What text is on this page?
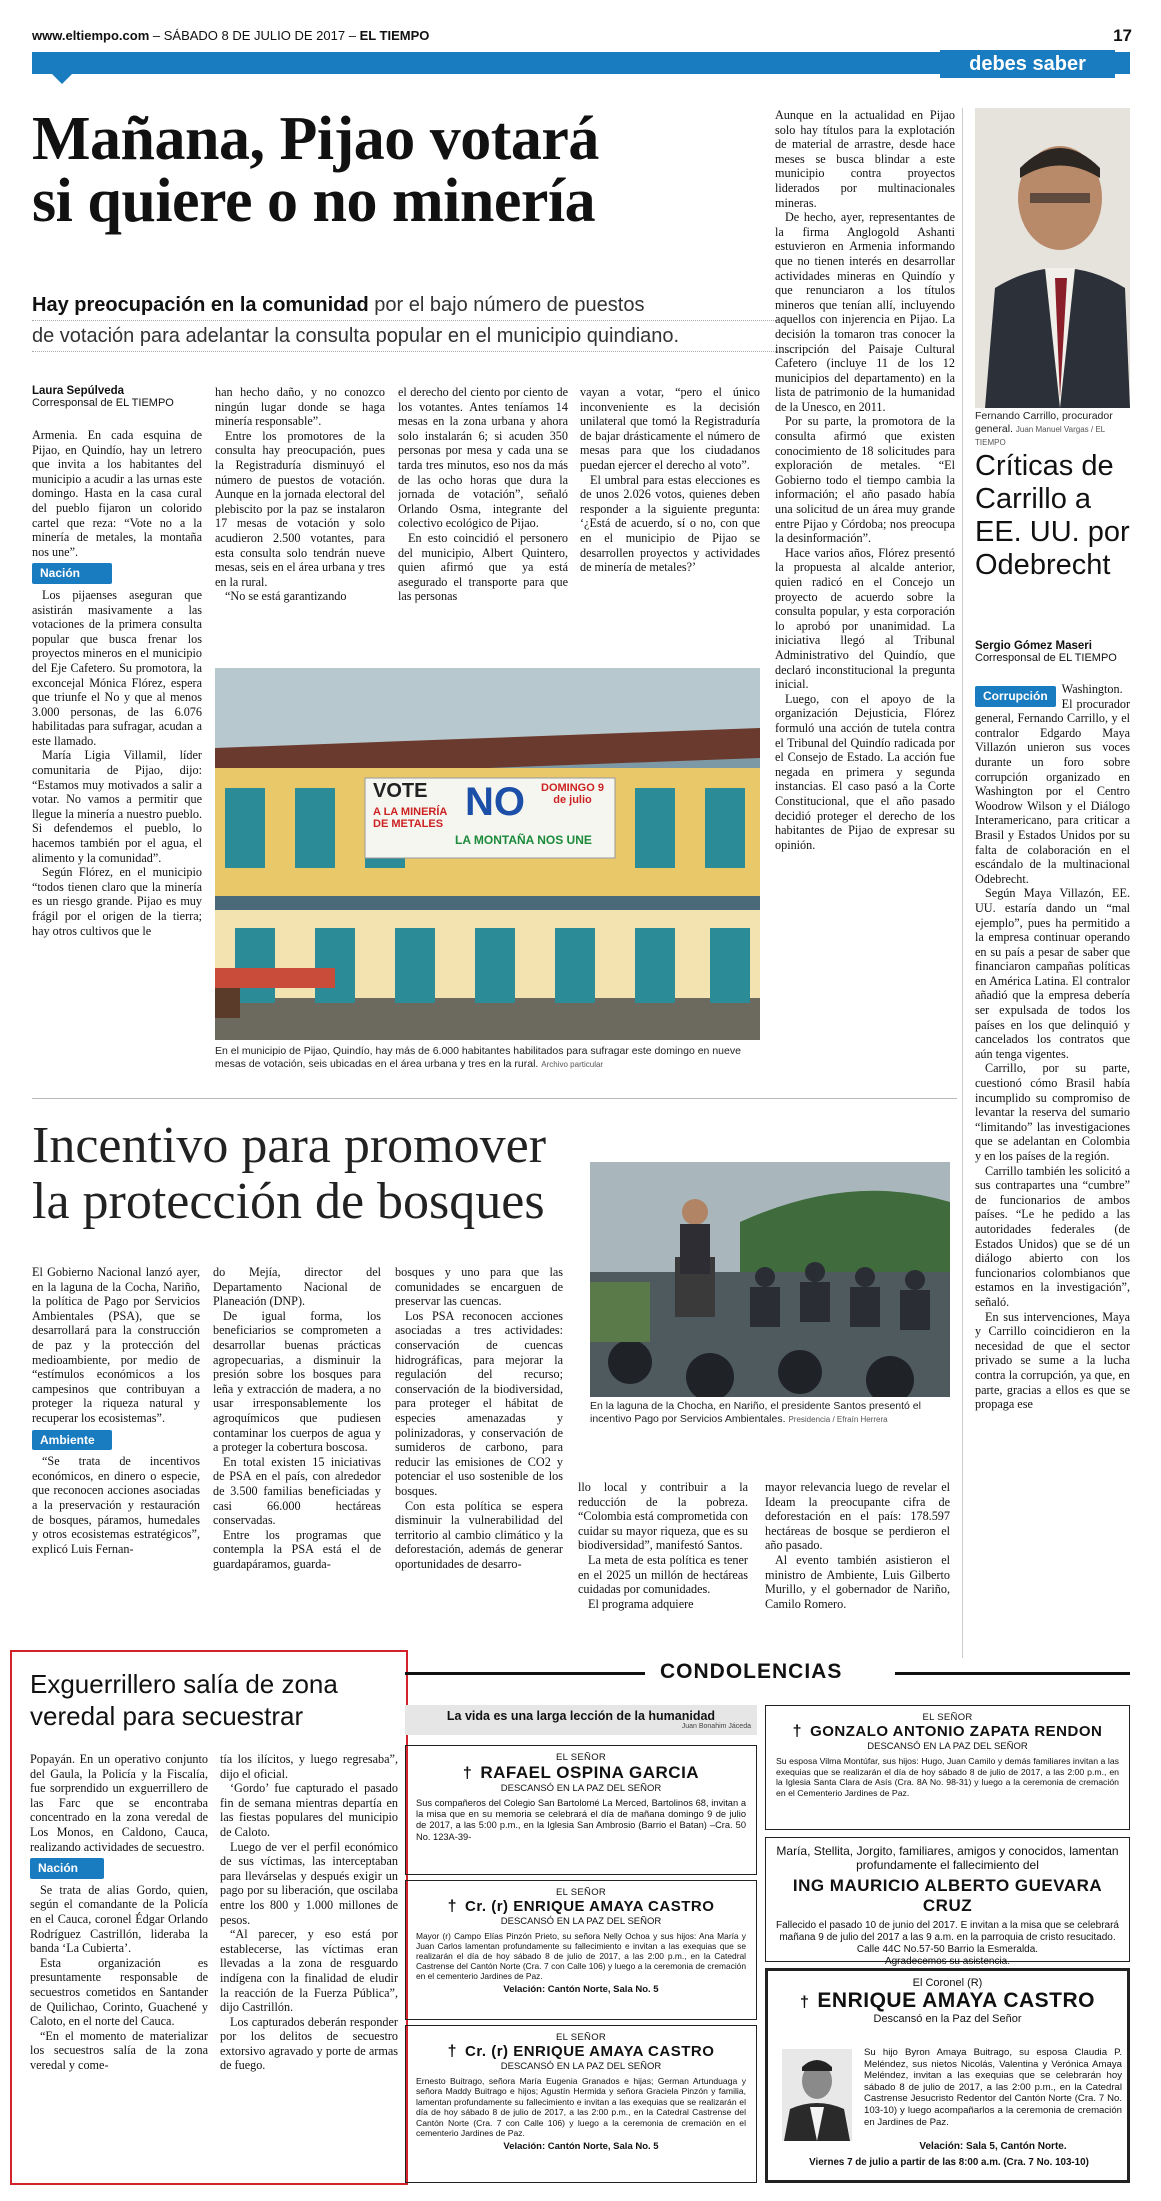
www.eltiempo.com – SÁBADO 8 DE JULIO DE 2017 – EL TIEMPO	17
debes saber
Mañana, Pijao votará
si quiere o no minería
Hay preocupación en la comunidad por el bajo número de puestos
de votación para adelantar la consulta popular en el municipio quindiano.
Laura Sepúlveda
Corresponsal de EL TIEMPO

Armenia. En cada esquina de Pijao, en Quindío, hay un letrero que invita a los habitantes del municipio a acudir a las urnas este domingo. Hasta en la casa cural del pueblo fijaron un colorido cartel que reza: “Vote no a la minería de metales, la montaña nos une”.

Nación

Los pijaenses aseguran que asistirán masivamente a las votaciones de la primera consulta popular que busca frenar los proyectos mineros en el municipio del Eje Cafetero. Su promotora, la exconcejal Mónica Flórez, espera que triunfe el No y que al menos 3.000 personas, de las 6.076 habilitadas para sufragar, acudan a este llamado.

María Ligia Villamil, líder comunitaria de Pijao, dijo: “Estamos muy motivados a salir a votar. No vamos a permitir que llegue la minería a nuestro pueblo. Si defendemos el pueblo, lo hacemos también por el agua, el alimento y la comunidad”.

Según Flórez, en el municipio “todos tienen claro que la minería es un riesgo grande. Pijao es muy frágil por el origen de la tierra; hay otros cultivos que le

han hecho daño, y no conozco ningún lugar donde se haga minería responsable”.

Entre los promotores de la consulta hay preocupación, pues la Registraduría disminuyó el número de puestos de votación. Aunque en la jornada electoral del plebiscito por la paz se instalaron 17 mesas de votación y solo acudieron 2.500 votantes, para esta consulta solo tendrán nueve mesas, seis en el área urbana y tres en la rural.

“No se está garantizando

el derecho del ciento por ciento de los votantes. Antes teníamos 14 mesas en la zona urbana y ahora solo instalarán 6; si acuden 350 personas por mesa y cada una se tarda tres minutos, eso nos da más de las ocho horas que dura la jornada de votación”, señaló Orlando Osma, integrante del colectivo ecológico de Pijao.

En esto coincidió el personero del municipio, Albert Quintero, quien afirmó que ya está asegurado el transporte para que las personas

vayan a votar, “pero el único inconveniente es la decisión unilateral que tomó la Registraduría de bajar drásticamente el número de mesas para que los ciudadanos puedan ejercer el derecho al voto”.

El umbral para estas elecciones es de unos 2.026 votos, quienes deben responder a la siguiente pregunta: ‘¿Está de acuerdo, sí o no, con que en el municipio de Pijao se desarrollen proyectos y actividades de minería de metales?’

Aunque en la actualidad en Pijao solo hay títulos para la explotación de material de arrastre, desde hace meses se busca blindar a este municipio contra proyectos liderados por multinacionales mineras.

De hecho, ayer, representantes de la firma Anglogold Ashanti estuvieron en Armenia informando que no tienen interés en desarrollar actividades mineras en Quindío y que renunciaron a los títulos mineros que tenían allí, incluyendo aquellos con injerencia en Pijao. La decisión la tomaron tras conocer la inscripción del Paisaje Cultural Cafetero (incluye 11 de los 12 municipios del departamento) en la lista de patrimonio de la humanidad de la Unesco, en 2011.

Por su parte, la promotora de la consulta afirmó que existen conocimiento de 18 solicitudes para exploración de metales. “El Gobierno todo el tiempo cambia la información; el año pasado había una solicitud de un área muy grande entre Pijao y Córdoba; nos preocupa la desinformación”.

Hace varios años, Flórez presentó la propuesta al alcalde anterior, quien radicó en el Concejo un proyecto de acuerdo sobre la consulta popular, y esta corporación lo aprobó por unanimidad. La iniciativa llegó al Tribunal Administrativo del Quindío, que declaró inconstitucional la pregunta inicial.

Luego, con el apoyo de la organización Dejusticia, Flórez formuló una acción de tutela contra el Tribunal del Quindío radicada por el Consejo de Estado. La acción fue negada en primera y segunda instancias. El caso pasó a la Corte Constitucional, que el año pasado decidió proteger el derecho de los habitantes de Pijao de expresar su opinión.

VOTE
A LA MINERÍA DE METALES NO	DOMINGO 9 de julio
LA MONTAÑA NOS UNE
En el municipio de Pijao, Quindío, hay más de 6.000 habitantes habilitados para sufragar este domingo en nueve mesas de votación, seis ubicadas en el área urbana y tres en la rural. Archivo particular
Fernando Carrillo, procurador general. Juan Manuel Vargas / EL TIEMPO
Críticas de Carrillo a EE. UU. por Odebrecht
Sergio Gómez Maseri
Corresponsal de EL TIEMPO

Corrupción	Washington. El procurador general, Fernando Carrillo, y el contralor Edgardo Maya Villazón unieron sus voces durante un foro sobre corrupción organizado en Washington por el Centro Woodrow Wilson y el Diálogo Interamericano, para criticar a Brasil y Estados Unidos por su falta de colaboración en el escándalo de la multinacional Odebrecht.

Según Maya Villazón, EE. UU. estaría dando un “mal ejemplo”, pues ha permitido a la empresa continuar operando en su país a pesar de saber que financiaron campañas políticas en América Latina. El contralor añadió que la empresa debería ser expulsada de todos los países en los que delinquió y cancelados los contratos que aún tenga vigentes.

Carrillo, por su parte, cuestionó cómo Brasil había incumplido su compromiso de levantar la reserva del sumario “limitando” las investigaciones que se adelantan en Colombia y en los países de la región.

Carrillo también les solicitó a sus contrapartes una “cumbre” de funcionarios de ambos países. “Le he pedido a las autoridades federales (de Estados Unidos) que se dé un diálogo abierto con los funcionarios colombianos que estamos en la investigación”, señaló.

En sus intervenciones, Maya y Carrillo coincidieron en la necesidad de que el sector privado se sume a la lucha contra la corrupción, ya que, en parte, gracias a ellos es que se propaga ese

Incentivo para promover
la protección de bosques

El Gobierno Nacional lanzó ayer, en la laguna de la Cocha, Nariño, la política de Pago por Servicios Ambientales (PSA), que se desarrollará para la construcción de paz y la protección del medioambiente, por medio de “estímulos económicos a los campesinos que contribuyan a proteger la riqueza natural y recuperar los ecosistemas”.

Ambiente

“Se trata de incentivos económicos, en dinero o especie, que reconocen acciones asociadas a la preservación y restauración de bosques, páramos, humedales y otros ecosistemas estratégicos”, explicó Luis Fernan-

do Mejía, director del Departamento Nacional de Planeación (DNP).

De igual forma, los beneficiarios se comprometen a desarrollar buenas prácticas agropecuarias, a disminuir la presión sobre los bosques para leña y extracción de madera, a no usar irresponsablemente los agroquímicos que pudiesen contaminar los cuerpos de agua y a proteger la cobertura boscosa.

En total existen 15 iniciativas de PSA en el país, con alrededor de 3.500 familias beneficiadas y casi 66.000 hectáreas conservadas.

Entre los programas que contempla la PSA está el de guardapáramos, guarda-

bosques y uno para que las comunidades se encarguen de preservar las cuencas.

Los PSA reconocen acciones asociadas a tres actividades: conservación de cuencas hidrográficas, para mejorar la regulación del recurso; conservación de la biodiversidad, para proteger el hábitat de especies amenazadas y polinizadoras, y conservación de sumideros de carbono, para reducir las emisiones de CO2 y potenciar el uso sostenible de los bosques.

Con esta política se espera disminuir la vulnerabilidad del territorio al cambio climático y la deforestación, además de generar oportunidades de desarro-

llo local y contribuir a la reducción de la pobreza. “Colombia está comprometida con cuidar su mayor riqueza, que es su biodiversidad”, manifestó Santos.

La meta de esta política es tener en el 2025 un millón de hectáreas cuidadas por comunidades.

El programa adquiere

mayor relevancia luego de revelar el Ideam la preocupante cifra de deforestación en el país: 178.597 hectáreas de bosque se perdieron el año pasado.

Al evento también asistieron el ministro de Ambiente, Luis Gilberto Murillo, y el gobernador de Nariño, Camilo Romero.

En la laguna de la Chocha, en Nariño, el presidente Santos presentó el incentivo Pago por Servicios Ambientales. Presidencia / Efraín Herrera
Exguerrillero salía de zona
veredal para secuestrar

Popayán. En un operativo conjunto del Gaula, la Policía y la Fiscalía, fue sorprendido un exguerrillero de las Farc que se encontraba concentrado en la zona veredal de Los Monos, en Caldono, Cauca, realizando actividades de secuestro.

Nación

Se trata de alias Gordo, quien, según el comandante de la Policía en el Cauca, coronel Édgar Orlando Rodríguez Castrillón, lideraba la banda ‘La Cubierta’.

Esta organización es presuntamente responsable de secuestros cometidos en Santander de Quilichao, Corinto, Guachené y Caloto, en el norte del Cauca.

“En el momento de materializar los secuestros salía de la zona veredal y come-

tía los ilícitos, y luego regresaba”, dijo el oficial.

‘Gordo’ fue capturado el pasado fin de semana mientras departía en las fiestas populares del municipio de Caloto.

Luego de ver el perfil económico de sus víctimas, las interceptaban para llevárselas y después exigir un pago por su liberación, que oscilaba entre los 800 y 1.000 millones de pesos.

“Al parecer, y eso está por establecerse, las víctimas eran llevadas a la zona de resguardo indígena con la finalidad de eludir la reacción de la Fuerza Pública”, dijo Castrillón.

Los capturados deberán responder por los delitos de secuestro extorsivo agravado y porte de armas de fuego.

CONDOLENCIAS
La vida es una larga lección de la humanidad
Juan Bonahim Jáceda
EL SEÑOR
† RAFAEL OSPINA GARCIA
DESCANSÓ EN LA PAZ DEL SEÑOR
Sus compañeros del Colegio San Bartolomé La Merced, Bartolinos 68, invitan a la misa que en su memoria se celebrará el día de mañana domingo 9 de julio de 2017, a las 5:00 p.m., en la Iglesia San Ambrosio (Barrio el Batan) –Cra. 50 No. 123A-39-
EL SEÑOR
† Cr. (r) ENRIQUE AMAYA CASTRO
DESCANSÓ EN LA PAZ DEL SEÑOR
Mayor (r) Campo Elías Pinzón Prieto, su señora Nelly Ochoa y sus hijos: Ana María y Juan Carlos lamentan profundamente su fallecimiento e invitan a las exequias que se realizarán el día de hoy sábado 8 de julio de 2017, a las 2:00 p.m., en la Catedral Castrense del Cantón Norte (Cra. 7 con Calle 106) y luego a la ceremonia de cremación en el cementerio Jardines de Paz.
Velación: Cantón Norte, Sala No. 5
EL SEÑOR
† Cr. (r) ENRIQUE AMAYA CASTRO
DESCANSÓ EN LA PAZ DEL SEÑOR
Ernesto Buitrago, señora María Eugenia Granados e hijas; German Artunduaga y señora Maddy Buitrago e hijos; Agustín Hermida y señora Graciela Pinzón y familia, lamentan profundamente su fallecimiento e invitan a las exequias que se realizarán el día de hoy sábado 8 de julio de 2017, a las 2:00 p.m., en la Catedral Castrense del Cantón Norte (Cra. 7 con Calle 106) y luego a la ceremonia de cremación en el cementerio Jardines de Paz.
Velación: Cantón Norte, Sala No. 5
EL SEÑOR
† GONZALO ANTONIO ZAPATA RENDON
DESCANSÓ EN LA PAZ DEL SEÑOR
Su esposa Vilma Montúfar, sus hijos: Hugo, Juan Camilo y demás familiares invitan a las exequias que se realizarán el día de hoy sábado 8 de julio de 2017, a las 2:00 p.m., en la Iglesia Santa Clara de Asís (Cra. 8A No. 98-31) y luego a la ceremonia de cremación en el Cementerio Jardines de Paz.
María, Stellita, Jorgito, familiares, amigos y conocidos, lamentan profundamente el fallecimiento del
ING MAURICIO ALBERTO GUEVARA CRUZ
Fallecido el pasado 10 de junio del 2017. E invitan a la misa que se celebrará mañana 9 de julio del 2017 a las 9 a.m. en la parroquia de cristo resucitado. Calle 44C No.57-50 Barrio la Esmeralda.
Agradecemos su asistencia.
El Coronel (R)
† ENRIQUE AMAYA CASTRO
Descansó en la Paz del Señor
Su hijo Byron Amaya Buitrago, su esposa Claudia P. Meléndez, sus nietos Nicolás, Valentina y Verónica Amaya Meléndez, invitan a las exequias que se celebrarán hoy sábado 8 de julio de 2017, a las 2:00 p.m., en la Catedral Castrense Jesucristo Redentor del Cantón Norte (Cra. 7 No. 103-10) y luego acompañarlos a la ceremonia de cremación en Jardines de Paz.
Velación: Sala 5, Cantón Norte.
Viernes 7 de julio a partir de las 8:00 a.m. (Cra. 7 No. 103-10)
